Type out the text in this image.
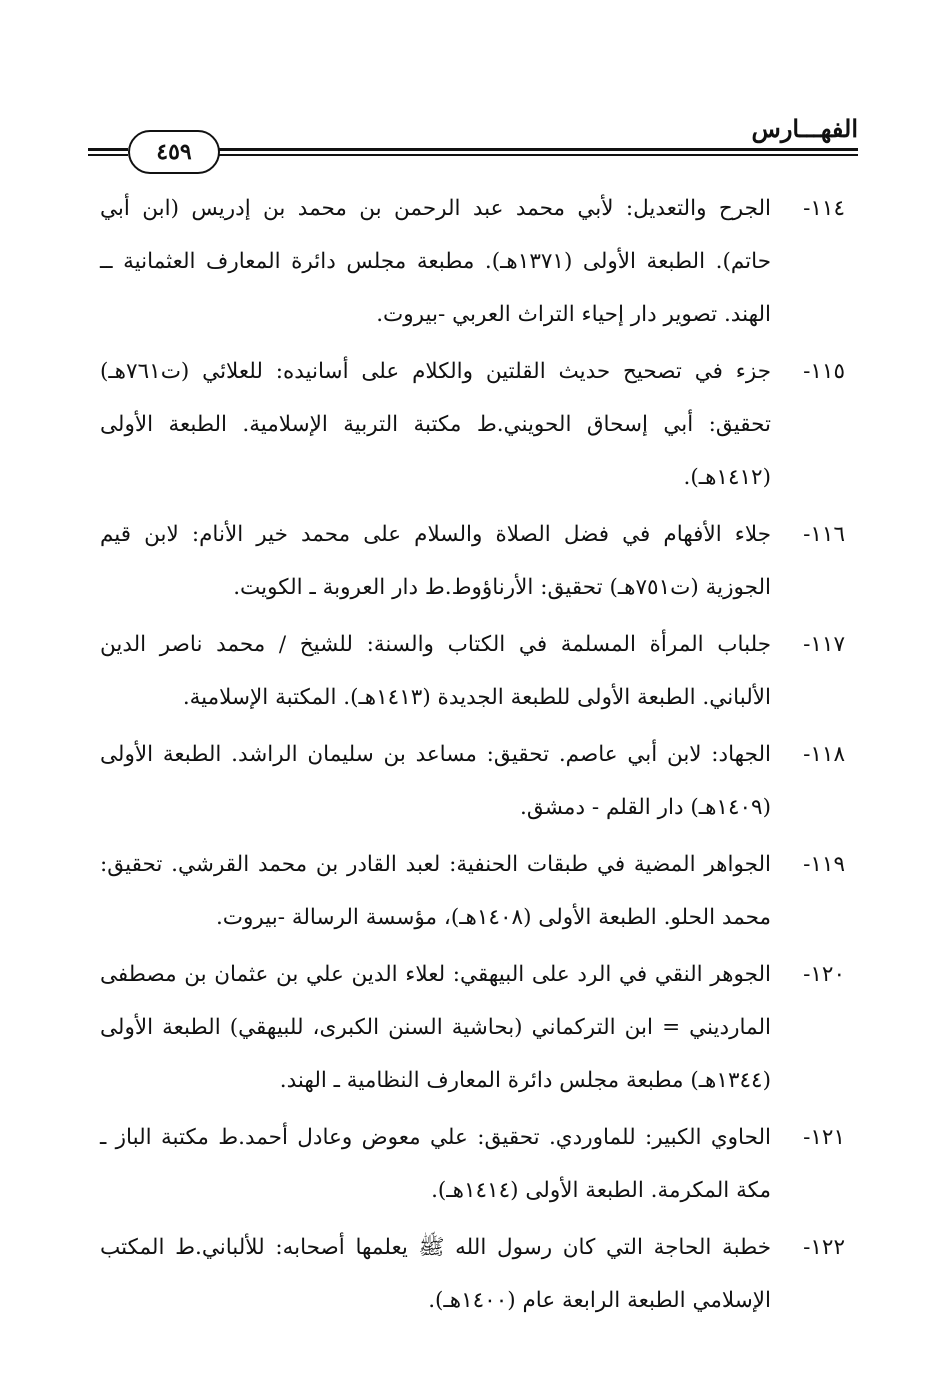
٤٥٩
الفهـــارس
١١٤-
الجرح والتعديل: لأبي محمد عبد الرحمن بن محمد بن إدريس (ابن أبي حاتم). الطبعة الأولى (١٣٧١هـ). مطبعة مجلس دائرة المعارف العثمانية ــ الهند. تصوير دار إحياء التراث العربي -بيروت.
١١٥-
جزء في تصحيح حديث القلتين والكلام على أسانيده: للعلائي (ت٧٦١هـ) تحقيق: أبي إسحاق الحويني.ط مكتبة التربية الإسلامية. الطبعة الأولى (١٤١٢هـ).
١١٦-
جلاء الأفهام في فضل الصلاة والسلام على محمد خير الأنام: لابن قيم الجوزية (ت٧٥١هـ) تحقيق: الأرناؤوط.ط دار العروبة ـ الكويت.
١١٧-
جلباب المرأة المسلمة في الكتاب والسنة: للشيخ / محمد ناصر الدين الألباني. الطبعة الأولى للطبعة الجديدة (١٤١٣هـ). المكتبة الإسلامية.
١١٨-
الجهاد: لابن أبي عاصم. تحقيق: مساعد بن سليمان الراشد. الطبعة الأولى (١٤٠٩هـ) دار القلم - دمشق.
١١٩-
الجواهر المضية في طبقات الحنفية: لعبد القادر بن محمد القرشي. تحقيق: محمد الحلو. الطبعة الأولى (١٤٠٨هـ)، مؤسسة الرسالة -بيروت.
١٢٠-
الجوهر النقي في الرد على البيهقي: لعلاء الدين علي بن عثمان بن مصطفى المارديني = ابن التركماني (بحاشية السنن الكبرى، للبيهقي) الطبعة الأولى (١٣٤٤هـ) مطبعة مجلس دائرة المعارف النظامية ـ الهند.
١٢١-
الحاوي الكبير: للماوردي. تحقيق: علي معوض وعادل أحمد.ط مكتبة الباز ـ مكة المكرمة. الطبعة الأولى (١٤١٤هـ).
١٢٢-
خطبة الحاجة التي كان رسول الله ﷺ يعلمها أصحابه: للألباني.ط المكتب الإسلامي الطبعة الرابعة عام (١٤٠٠هـ).
